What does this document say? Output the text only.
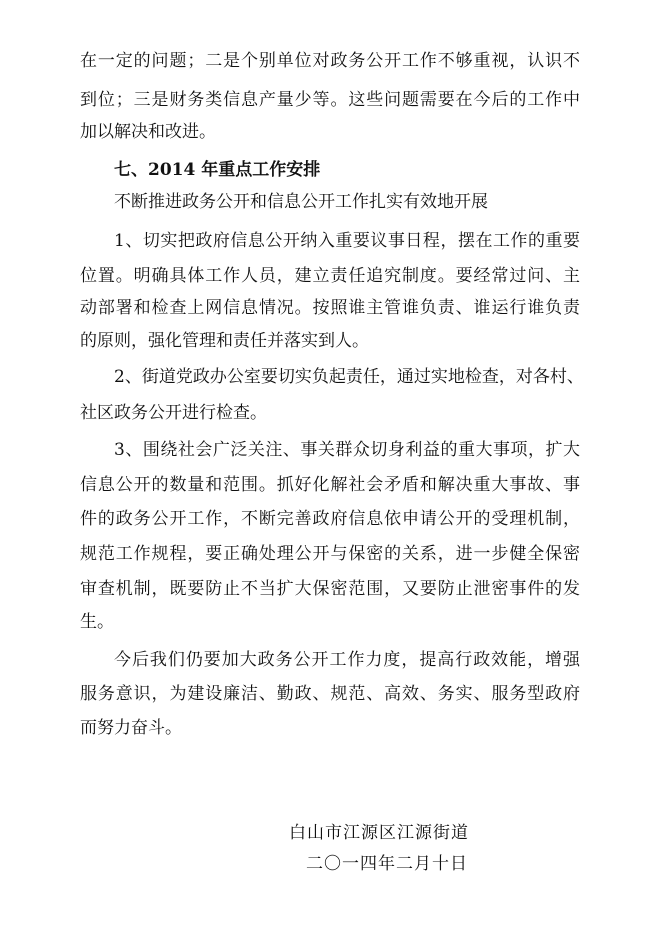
在一定的问题；二是个别单位对政务公开工作不够重视，认识不
到位；三是财务类信息产量少等。这些问题需要在今后的工作中
加以解决和改进。
七、2014 年重点工作安排
不断推进政务公开和信息公开工作扎实有效地开展
1、切实把政府信息公开纳入重要议事日程，摆在工作的重要
位置。明确具体工作人员，建立责任追究制度。要经常过问、主
动部署和检查上网信息情况。按照谁主管谁负责、谁运行谁负责
的原则，强化管理和责任并落实到人。
2、街道党政办公室要切实负起责任，通过实地检查，对各村、
社区政务公开进行检查。
3、围绕社会广泛关注、事关群众切身利益的重大事项，扩大
信息公开的数量和范围。抓好化解社会矛盾和解决重大事故、事
件的政务公开工作，不断完善政府信息依申请公开的受理机制，
规范工作规程，要正确处理公开与保密的关系，进一步健全保密
审查机制，既要防止不当扩大保密范围，又要防止泄密事件的发
生。
今后我们仍要加大政务公开工作力度，提高行政效能，增强
服务意识，为建设廉洁、勤政、规范、高效、务实、服务型政府
而努力奋斗。
白山市江源区江源街道
二〇一四年二月十日
